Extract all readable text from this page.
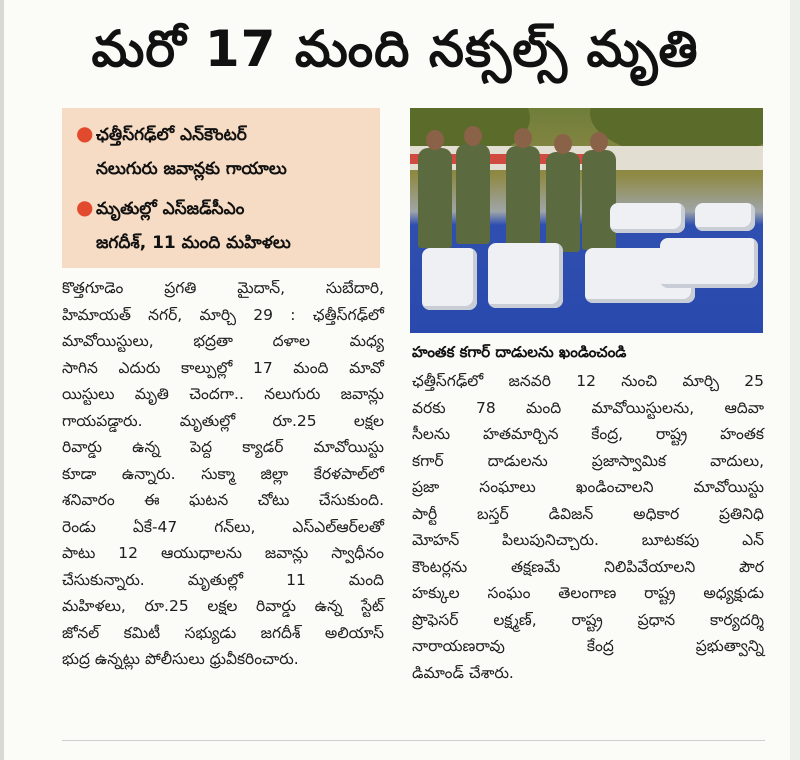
మరో 17 మంది నక్సల్స్ మృతి
● ఛత్తీస్‌గఢ్‌లో ఎన్‌కౌంటర్
నలుగురు జవాన్లకు గాయాలు
● మృతుల్లో ఎస్‌జడ్‌సీఎం
జగదీశ్, 11 మంది మహిళలు
హంతక కగార్ దాడులను ఖండించండి
కొత్తగూడెం ప్రగతి మైదాన్, సుబేదారి,
హిమాయత్ నగర్, మార్చి 29 : ఛత్తీస్‌గఢ్‌లో
మావోయిస్టులు, భద్రతా దళాల మధ్య
సాగిన ఎదురు కాల్పుల్లో 17 మంది మావో
యిస్టులు మృతి చెందగా.. నలుగురు జవాన్లు
గాయపడ్డారు. మృతుల్లో రూ.25 లక్షల
రివార్డు ఉన్న పెద్ద క్యాడర్ మావోయిస్టు
కూడా ఉన్నారు. సుక్మా జిల్లా కేరళపాల్‌లో
శనివారం ఈ ఘటన చోటు చేసుకుంది.
రెండు ఏకే-47 గన్‌లు, ఎస్‌ఎల్‌ఆర్‌లతో
పాటు 12 ఆయుధాలను జవాన్లు స్వాధీనం
చేసుకున్నారు. మృతుల్లో 11 మంది
మహిళలు, రూ.25 లక్షల రివార్డు ఉన్న స్టేట్
జోనల్ కమిటీ సభ్యుడు జగదీశ్ అలియాస్
భుద్ర ఉన్నట్లు పోలీసులు ధ్రువీకరించారు.
ఛత్తీస్‌గఢ్‌లో జనవరి 12 నుంచి మార్చి 25
వరకు 78 మంది మావోయిస్టులను, ఆదివా
సీలను హతమార్చిన కేంద్ర, రాష్ట్ర హంతక
కగార్ దాడులను ప్రజాస్వామిక వాదులు,
ప్రజా సంఘాలు ఖండించాలని మావోయిస్టు
పార్టీ బస్తర్ డివిజన్ అధికార ప్రతినిధి
మోహన్ పిలుపునిచ్చారు. బూటకపు ఎన్
కౌంటర్లను తక్షణమే నిలిపివేయాలని పౌర
హక్కుల సంఘం తెలంగాణ రాష్ట్ర అధ్యక్షుడు
ప్రొఫెసర్ లక్ష్మణ్, రాష్ట్ర ప్రధాన కార్యదర్శి
నారాయణరావు కేంద్ర ప్రభుత్వాన్ని
డిమాండ్ చేశారు.
